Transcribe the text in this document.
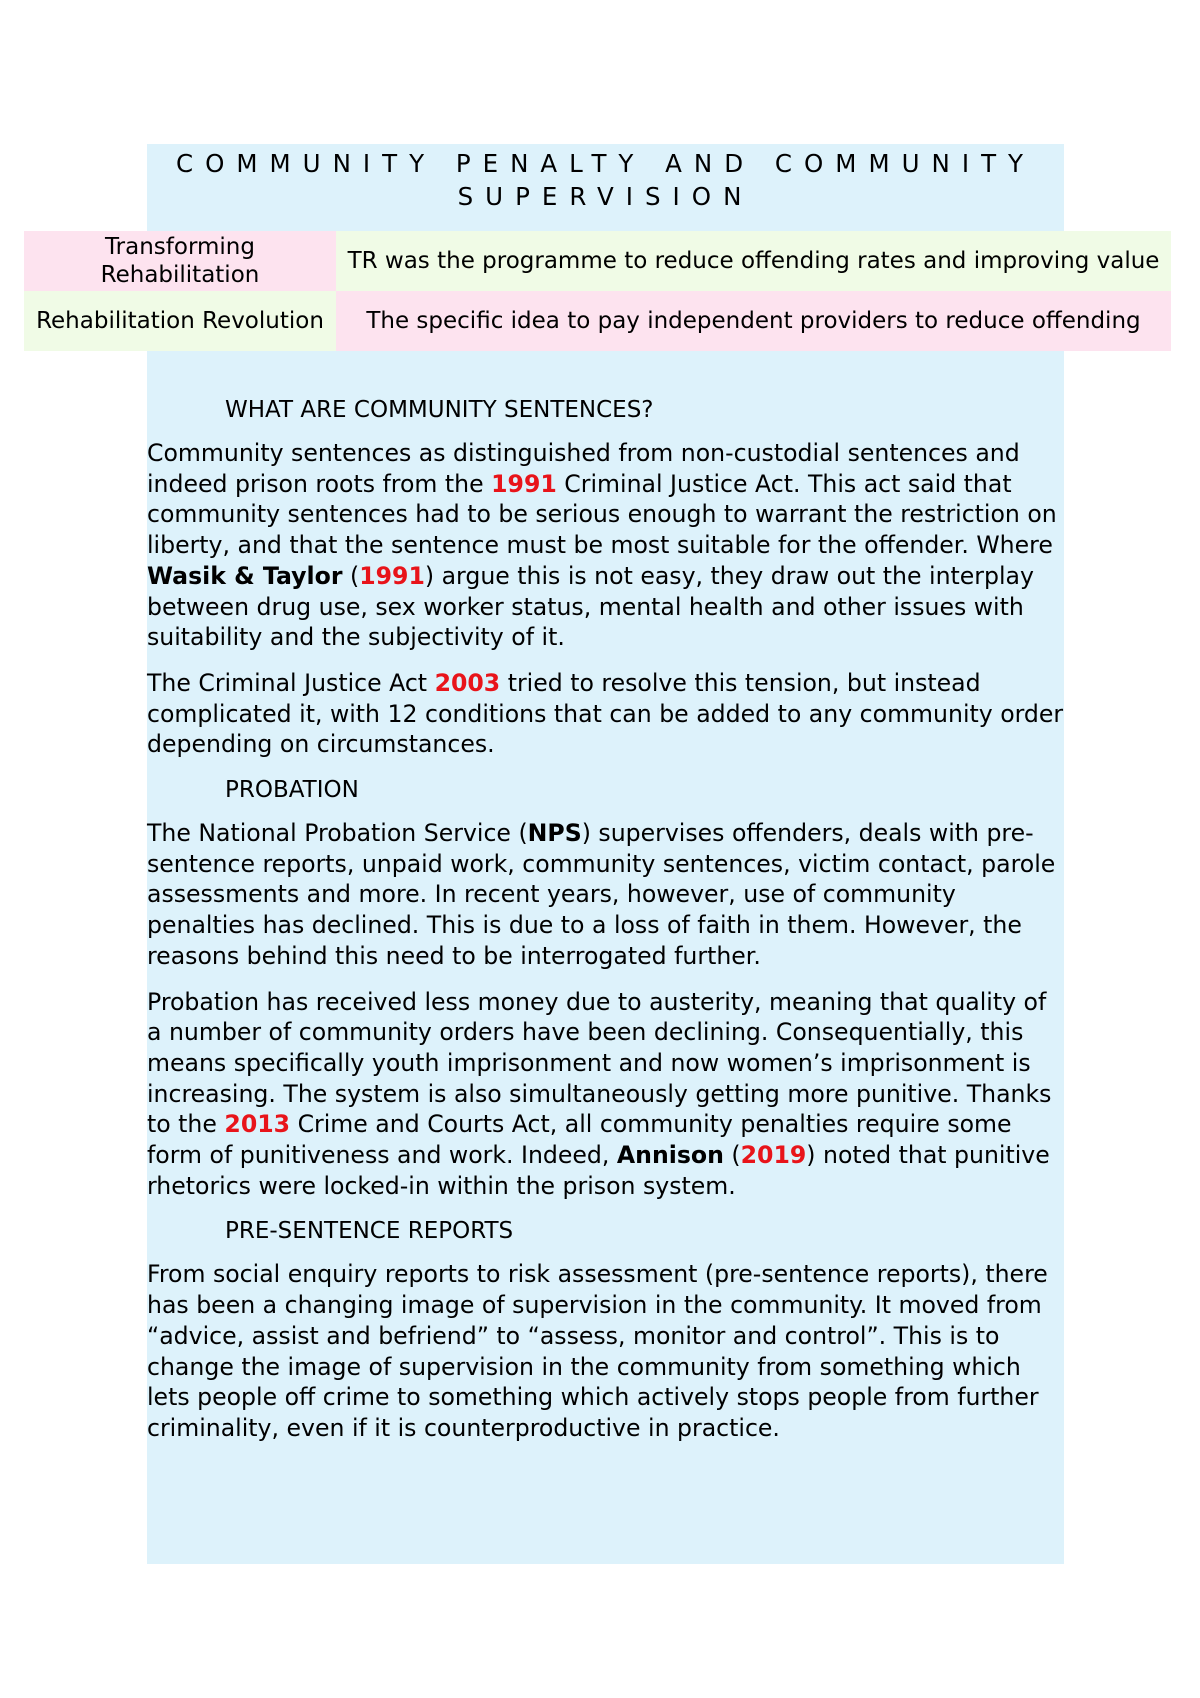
COMMUNITY PENALTY AND COMMUNITY SUPERVISION
Transforming Rehabilitation	TR was the programme to reduce offending rates and improving value
Rehabilitation Revolution	The specific idea to pay independent providers to reduce offending
WHAT ARE COMMUNITY SENTENCES?

Community sentences as distinguished from non-custodial sentences and indeed prison roots from the 1991 Criminal Justice Act. This act said that community sentences had to be serious enough to warrant the restriction on liberty, and that the sentence must be most suitable for the offender. Where Wasik & Taylor (1991) argue this is not easy, they draw out the interplay between drug use, sex worker status, mental health and other issues with suitability and the subjectivity of it.

The Criminal Justice Act 2003 tried to resolve this tension, but instead complicated it, with 12 conditions that can be added to any community order depending on circumstances.

PROBATION

The National Probation Service (NPS) supervises offenders, deals with pre-sentence reports, unpaid work, community sentences, victim contact, parole assessments and more. In recent years, however, use of community penalties has declined. This is due to a loss of faith in them. However, the reasons behind this need to be interrogated further.

Probation has received less money due to austerity, meaning that quality of a number of community orders have been declining. Consequentially, this means specifically youth imprisonment and now women’s imprisonment is increasing. The system is also simultaneously getting more punitive. Thanks to the 2013 Crime and Courts Act, all community penalties require some form of punitiveness and work. Indeed, Annison (2019) noted that punitive rhetorics were locked-in within the prison system.

PRE-SENTENCE REPORTS

From social enquiry reports to risk assessment (pre-sentence reports), there has been a changing image of supervision in the community. It moved from “advice, assist and befriend” to “assess, monitor and control”. This is to change the image of supervision in the community from something which lets people off crime to something which actively stops people from further criminality, even if it is counterproductive in practice.
